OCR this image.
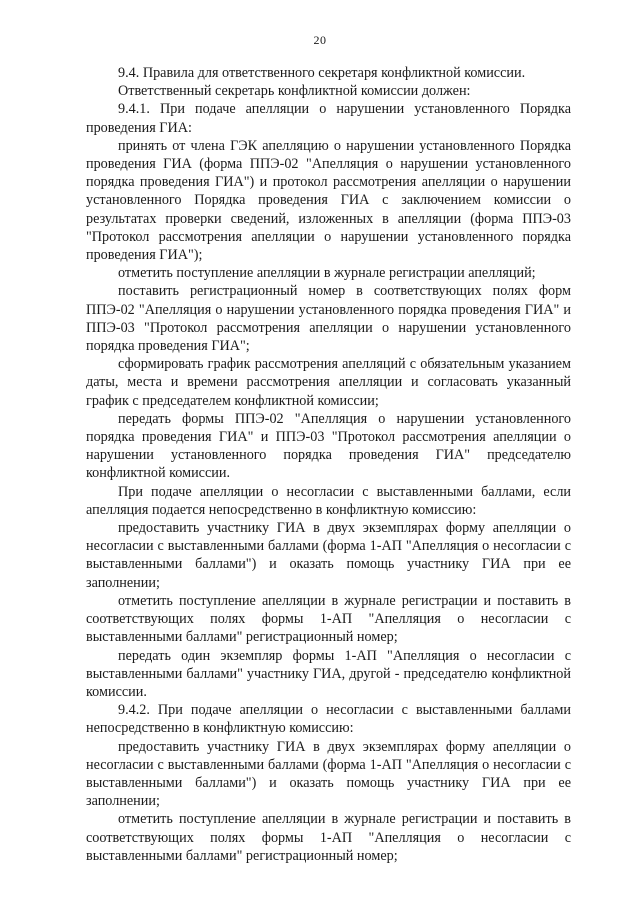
20

9.4. Правила для ответственного секретаря конфликтной комиссии.

Ответственный секретарь конфликтной комиссии должен:

9.4.1. При подаче апелляции о нарушении установленного Порядка проведения ГИА:

принять от члена ГЭК апелляцию о нарушении установленного Порядка проведения ГИА (форма ППЭ-02 "Апелляция о нарушении установленного порядка проведения ГИА") и протокол рассмотрения апелляции о нарушении установленного Порядка проведения ГИА с заключением комиссии о результатах проверки сведений, изложенных в апелляции (форма ППЭ-03 "Протокол рассмотрения апелляции о нарушении установленного порядка проведения ГИА");

отметить поступление апелляции в журнале регистрации апелляций;

поставить регистрационный номер в соответствующих полях форм ППЭ-02 "Апелляция о нарушении установленного порядка проведения ГИА" и ППЭ-03 "Протокол рассмотрения апелляции о нарушении установленного порядка проведения ГИА";

сформировать график рассмотрения апелляций с обязательным указанием даты, места и времени рассмотрения апелляции и согласовать указанный график с председателем конфликтной комиссии;

передать формы ППЭ-02 "Апелляция о нарушении установленного порядка проведения ГИА" и ППЭ-03 "Протокол рассмотрения апелляции о нарушении установленного порядка проведения ГИА" председателю конфликтной комиссии.

При подаче апелляции о несогласии с выставленными баллами, если апелляция подается непосредственно в конфликтную комиссию:

предоставить участнику ГИА в двух экземплярах форму апелляции о несогласии с выставленными баллами (форма 1-АП "Апелляция о несогласии с выставленными баллами") и оказать помощь участнику ГИА при ее заполнении;

отметить поступление апелляции в журнале регистрации и поставить в соответствующих полях формы 1-АП "Апелляция о несогласии с выставленными баллами" регистрационный номер;

передать один экземпляр формы 1-АП "Апелляция о несогласии с выставленными баллами" участнику ГИА, другой - председателю конфликтной комиссии.

9.4.2. При подаче апелляции о несогласии с выставленными баллами непосредственно в конфликтную комиссию:

предоставить участнику ГИА в двух экземплярах форму апелляции о несогласии с выставленными баллами (форма 1-АП "Апелляция о несогласии с выставленными баллами") и оказать помощь участнику ГИА при ее заполнении;

отметить поступление апелляции в журнале регистрации и поставить в соответствующих полях формы 1-АП "Апелляция о несогласии с выставленными баллами" регистрационный номер;
